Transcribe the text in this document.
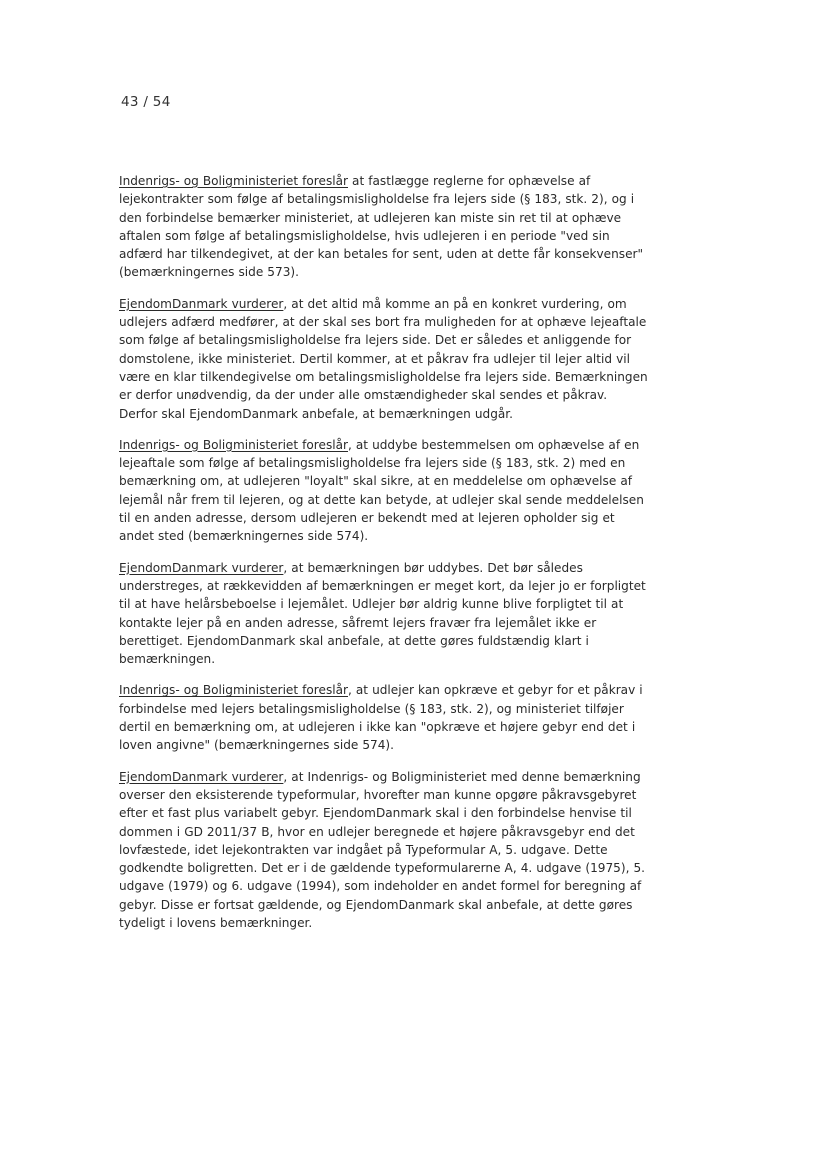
43 / 54

Indenrigs- og Boligministeriet foreslår at fastlægge reglerne for ophævelse af lejekontrakter som følge af betalingsmisligholdelse fra lejers side (§ 183, stk. 2), og i den forbindelse bemærker ministeriet, at udlejeren kan miste sin ret til at ophæve aftalen som følge af betalingsmisligholdelse, hvis udlejeren i en periode "ved sin adfærd har tilkendegivet, at der kan betales for sent, uden at dette får konsekvenser" (bemærkningernes side 573).

EjendomDanmark vurderer, at det altid må komme an på en konkret vurdering, om udlejers adfærd medfører, at der skal ses bort fra muligheden for at ophæve lejeaftale som følge af betalingsmisligholdelse fra lejers side. Det er således et anliggende for domstolene, ikke ministeriet. Dertil kommer, at et påkrav fra udlejer til lejer altid vil være en klar tilkendegivelse om betalingsmisligholdelse fra lejers side. Bemærkningen er derfor unødvendig, da der under alle omstændigheder skal sendes et påkrav. Derfor skal EjendomDanmark anbefale, at bemærkningen udgår.

Indenrigs- og Boligministeriet foreslår, at uddybe bestemmelsen om ophævelse af en lejeaftale som følge af betalingsmisligholdelse fra lejers side (§ 183, stk. 2) med en bemærkning om, at udlejeren "loyalt" skal sikre, at en meddelelse om ophævelse af lejemål når frem til lejeren, og at dette kan betyde, at udlejer skal sende meddelelsen til en anden adresse, dersom udlejeren er bekendt med at lejeren opholder sig et andet sted (bemærkningernes side 574).

EjendomDanmark vurderer, at bemærkningen bør uddybes. Det bør således understreges, at rækkevidden af bemærkningen er meget kort, da lejer jo er forpligtet til at have helårsbeboelse i lejemålet. Udlejer bør aldrig kunne blive forpligtet til at kontakte lejer på en anden adresse, såfremt lejers fravær fra lejemålet ikke er berettiget. EjendomDanmark skal anbefale, at dette gøres fuldstændig klart i bemærkningen.

Indenrigs- og Boligministeriet foreslår, at udlejer kan opkræve et gebyr for et påkrav i forbindelse med lejers betalingsmisligholdelse (§ 183, stk. 2), og ministeriet tilføjer dertil en bemærkning om, at udlejeren i ikke kan "opkræve et højere gebyr end det i loven angivne" (bemærkningernes side 574).

EjendomDanmark vurderer, at Indenrigs- og Boligministeriet med denne bemærkning overser den eksisterende typeformular, hvorefter man kunne opgøre påkravsgebyret efter et fast plus variabelt gebyr. EjendomDanmark skal i den forbindelse henvise til dommen i GD 2011/37 B, hvor en udlejer beregnede et højere påkravsgebyr end det lovfæstede, idet lejekontrakten var indgået på Typeformular A, 5. udgave. Dette godkendte boligretten. Det er i de gældende typeformularerne A, 4. udgave (1975), 5. udgave (1979) og 6. udgave (1994), som indeholder en andet formel for beregning af gebyr. Disse er fortsat gældende, og EjendomDanmark skal anbefale, at dette gøres tydeligt i lovens bemærkninger.
